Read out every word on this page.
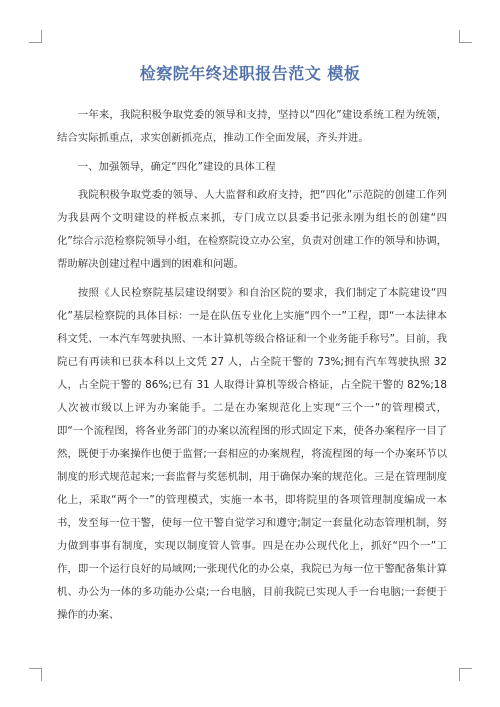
检察院年终述职报告范文 模板

一年来，我院积极争取党委的领导和支持，坚持以“四化”建设系统工程为统领，结合实际抓重点，求实创新抓亮点，推动工作全面发展，齐头并进。

一、加强领导，确定“四化”建设的具体工程

我院积极争取党委的领导、人大监督和政府支持，把“四化”示范院的创建工作列为我县两个文明建设的样板点来抓，专门成立以县委书记张永刚为组长的创建“四化”综合示范检察院领导小组，在检察院设立办公室，负责对创建工作的领导和协调，帮助解决创建过程中遇到的困难和问题。

按照《人民检察院基层建设纲要》和自治区院的要求，我们制定了本院建设“四化”基层检察院的具体目标：一是在队伍专业化上实施“四个一”工程，即“一本法律本科文凭、一本汽车驾驶执照、一本计算机等级合格证和一个业务能手称号”。目前，我院已有再读和已获本科以上文凭 27 人，占全院干警的 73%;拥有汽车驾驶执照 32 人，占全院干警的 86%;已有 31 人取得计算机等级合格证，占全院干警的 82%;18 人次被市级以上评为办案能手。二是在办案规范化上实现“三个一”的管理模式，即“一个流程图，将各业务部门的办案以流程图的形式固定下来，使各办案程序一目了然，既便于办案操作也便于监督;一套相应的办案规程，将流程图的每一个办案环节以制度的形式规范起来;一套监督与奖惩机制，用于确保办案的规范化。三是在管理制度化上，采取“两个一”的管理模式，实施一本书，即将院里的各项管理制度编成一本书，发至每一位干警，使每一位干警自觉学习和遵守;制定一套量化动态管理机制，努力做到事事有制度，实现以制度管人管事。四是在办公现代化上，抓好“四个一”工作，即一个运行良好的局域网;一张现代化的办公桌，我院已为每一位干警配备集计算机、办公为一体的多功能办公桌;一台电脑，目前我院已实现人手一台电脑;一套便于操作的办案、
